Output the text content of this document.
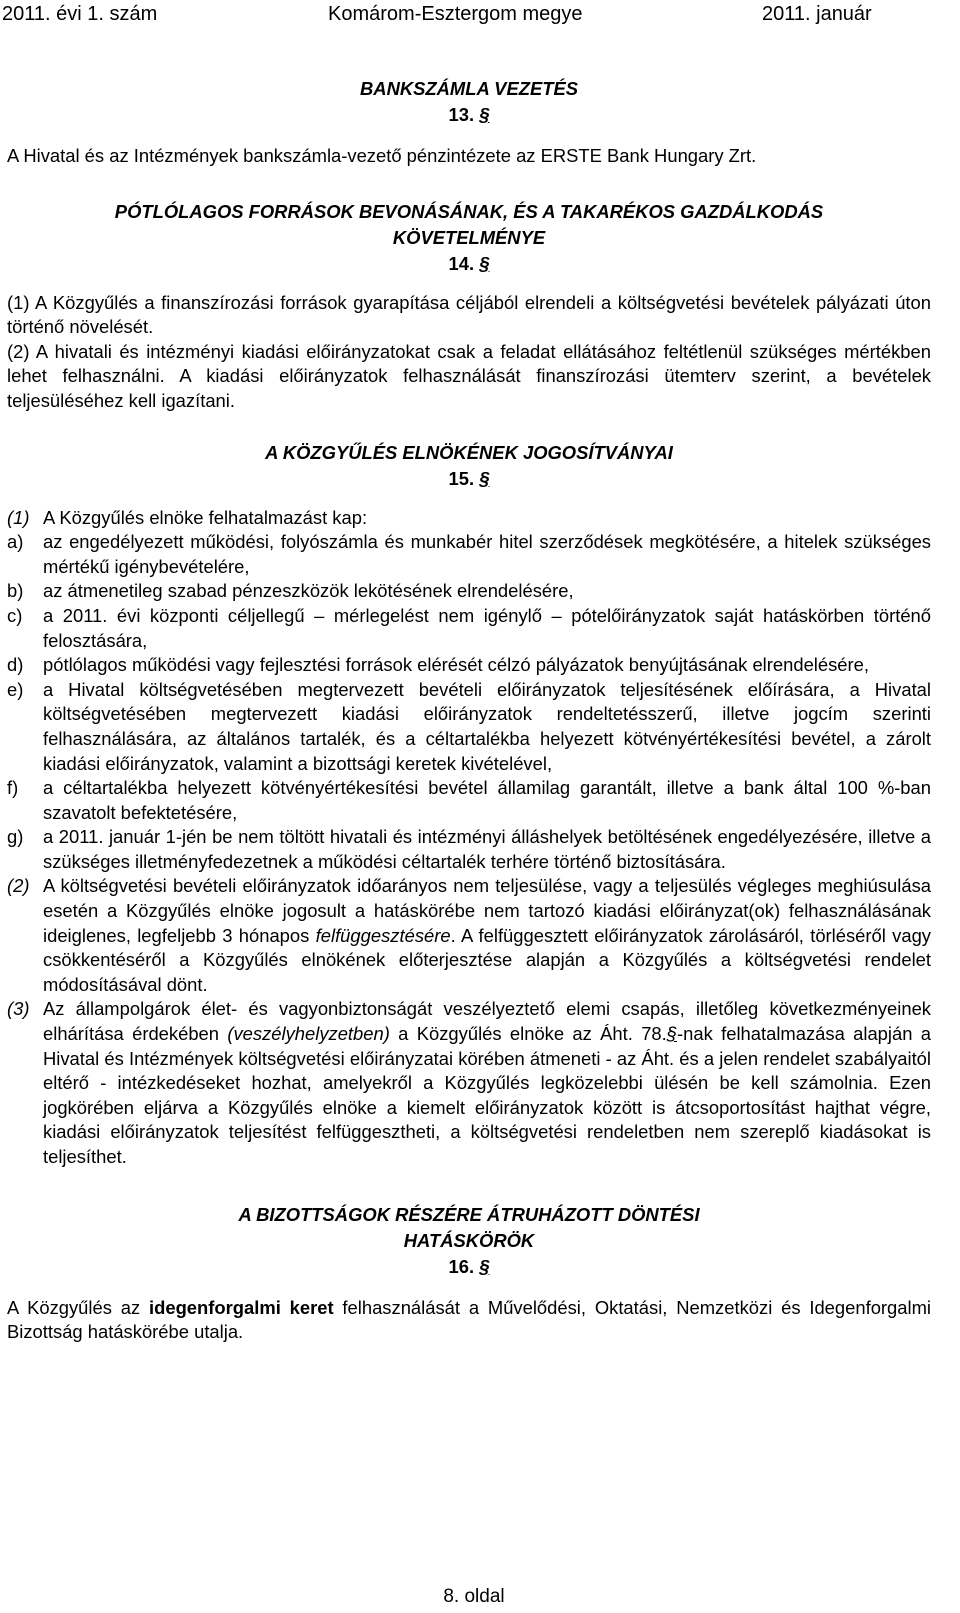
2011. évi 1. szám	Komárom-Esztergom megye	2011. január
BANKSZÁMLA VEZETÉS
13. §
A Hivatal és az Intézmények bankszámla-vezető pénzintézete az ERSTE Bank Hungary Zrt.
PÓTLÓLAGOS FORRÁSOK BEVONÁSÁNAK, ÉS A TAKARÉKOS GAZDÁLKODÁS
KÖVETELMÉNYE
14. §
(1) A Közgyűlés a finanszírozási források gyarapítása céljából elrendeli a költségvetési bevételek pályázati úton történő növelését.
(2) A hivatali és intézményi kiadási előirányzatokat csak a feladat ellátásához feltétlenül szükséges mértékben lehet felhasználni. A kiadási előirányzatok felhasználását finanszírozási ütemterv szerint, a bevételek teljesüléséhez kell igazítani.
A KÖZGYŰLÉS ELNÖKÉNEK JOGOSÍTVÁNYAI
15. §
(1) A Közgyűlés elnöke felhatalmazást kap:
a) az engedélyezett működési, folyószámla és munkabér hitel szerződések megkötésére, a hitelek szükséges mértékű igénybevételére,
b) az átmenetileg szabad pénzeszközök lekötésének elrendelésére,
c) a 2011. évi központi céljellegű – mérlegelést nem igénylő – pótelőirányzatok saját hatáskörben történő felosztására,
d) pótlólagos működési vagy fejlesztési források elérését célzó pályázatok benyújtásának elrendelésére,
e) a Hivatal költségvetésében megtervezett bevételi előirányzatok teljesítésének előírására, a Hivatal költségvetésében megtervezett kiadási előirányzatok rendeltetésszerű, illetve jogcím szerinti felhasználására, az általános tartalék, és a céltartalékba helyezett kötvényértékesítési bevétel, a zárolt kiadási előirányzatok, valamint a bizottsági keretek kivételével,
f) a céltartalékba helyezett kötvényértékesítési bevétel államilag garantált, illetve a bank által 100 %-ban szavatolt befektetésére,
g) a 2011. január 1-jén be nem töltött hivatali és intézményi álláshelyek betöltésének engedélyezésére, illetve a szükséges illetményfedezetnek a működési céltartalék terhére történő biztosítására.
(2) A költségvetési bevételi előirányzatok időarányos nem teljesülése, vagy a teljesülés végleges meghiúsulása esetén a Közgyűlés elnöke jogosult a hatáskörébe nem tartozó kiadási előirányzat(ok) felhasználásának ideiglenes, legfeljebb 3 hónapos felfüggesztésére. A felfüggesztett előirányzatok zárolásáról, törléséről vagy csökkentéséről a Közgyűlés elnökének előterjesztése alapján a Közgyűlés a költségvetési rendelet módosításával dönt.
(3) Az állampolgárok élet- és vagyonbiztonságát veszélyeztető elemi csapás, illetőleg következményeinek elhárítása érdekében (veszélyhelyzetben) a Közgyűlés elnöke az Áht. 78.§-nak felhatalmazása alapján a Hivatal és Intézmények költségvetési előirányzatai körében átmeneti - az Áht. és a jelen rendelet szabályaitól eltérő - intézkedéseket hozhat, amelyekről a Közgyűlés legközelebbi ülésén be kell számolnia. Ezen jogkörében eljárva a Közgyűlés elnöke a kiemelt előirányzatok között is átcsoportosítást hajthat végre, kiadási előirányzatok teljesítést felfüggesztheti, a költségvetési rendeletben nem szereplő kiadásokat is teljesíthet.
A BIZOTTSÁGOK RÉSZÉRE ÁTRUHÁZOTT DÖNTÉSI
HATÁSKÖRÖK
16. §
A Közgyűlés az idegenforgalmi keret felhasználását a Művelődési, Oktatási, Nemzetközi és Idegenforgalmi Bizottság hatáskörébe utalja.
8. oldal
